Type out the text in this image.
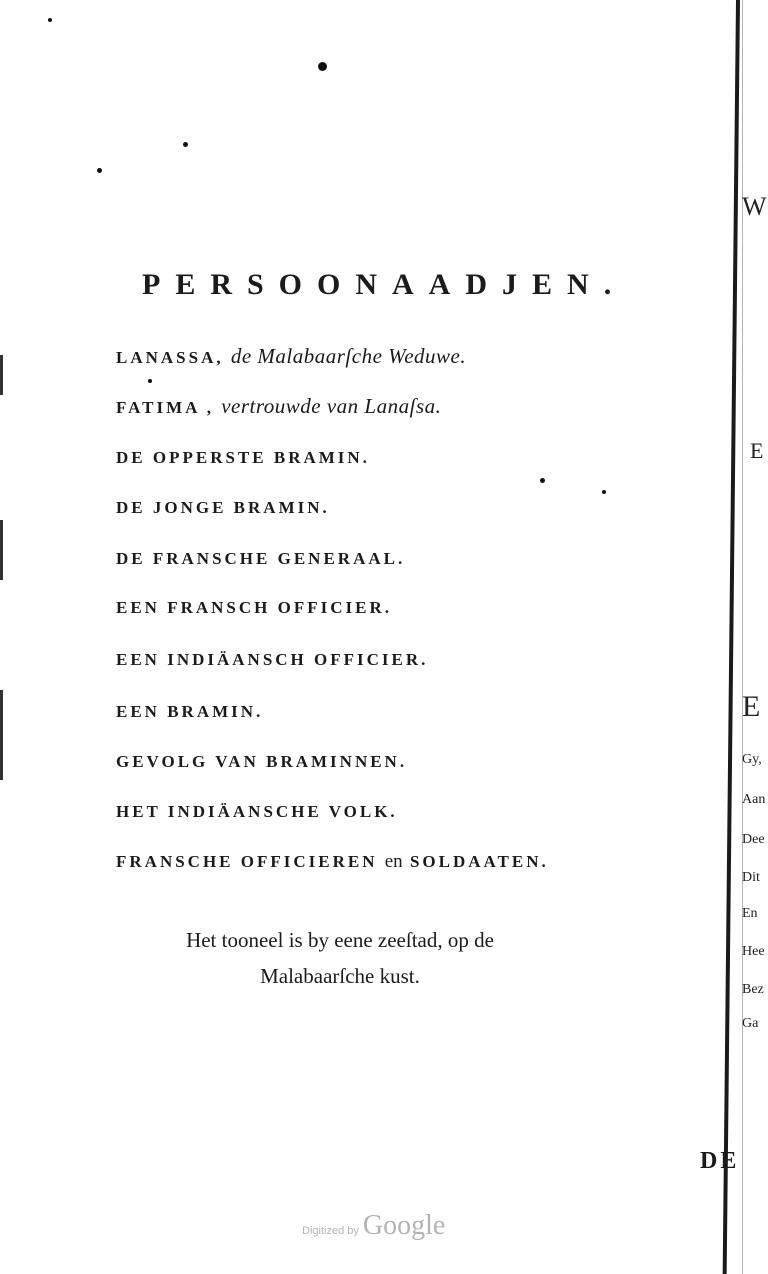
PERSOONAADJEN.
LANASSA, de Malabaarſche Weduwe.
FATIMA , vertrouwde van Lanaſsa.
DE OPPERSTE BRAMIN.
DE JONGE BRAMIN.
DE FRANSCHE GENERAAL.
EEN FRANSCH OFFICIER.
EEN INDIÄANSCH OFFICIER.
EEN BRAMIN.
GEVOLG VAN BRAMINNEN.
HET INDIÄANSCHE VOLK.
FRANSCHE OFFICIEREN en SOLDAATEN.
Het tooneel is by eene zeeſtad, op de
Malabaarſche kust.
DE
Digitized by Google
W
E
E
Gy,
Aan
Dee
Dit
En
Hee
Bez
Ga
